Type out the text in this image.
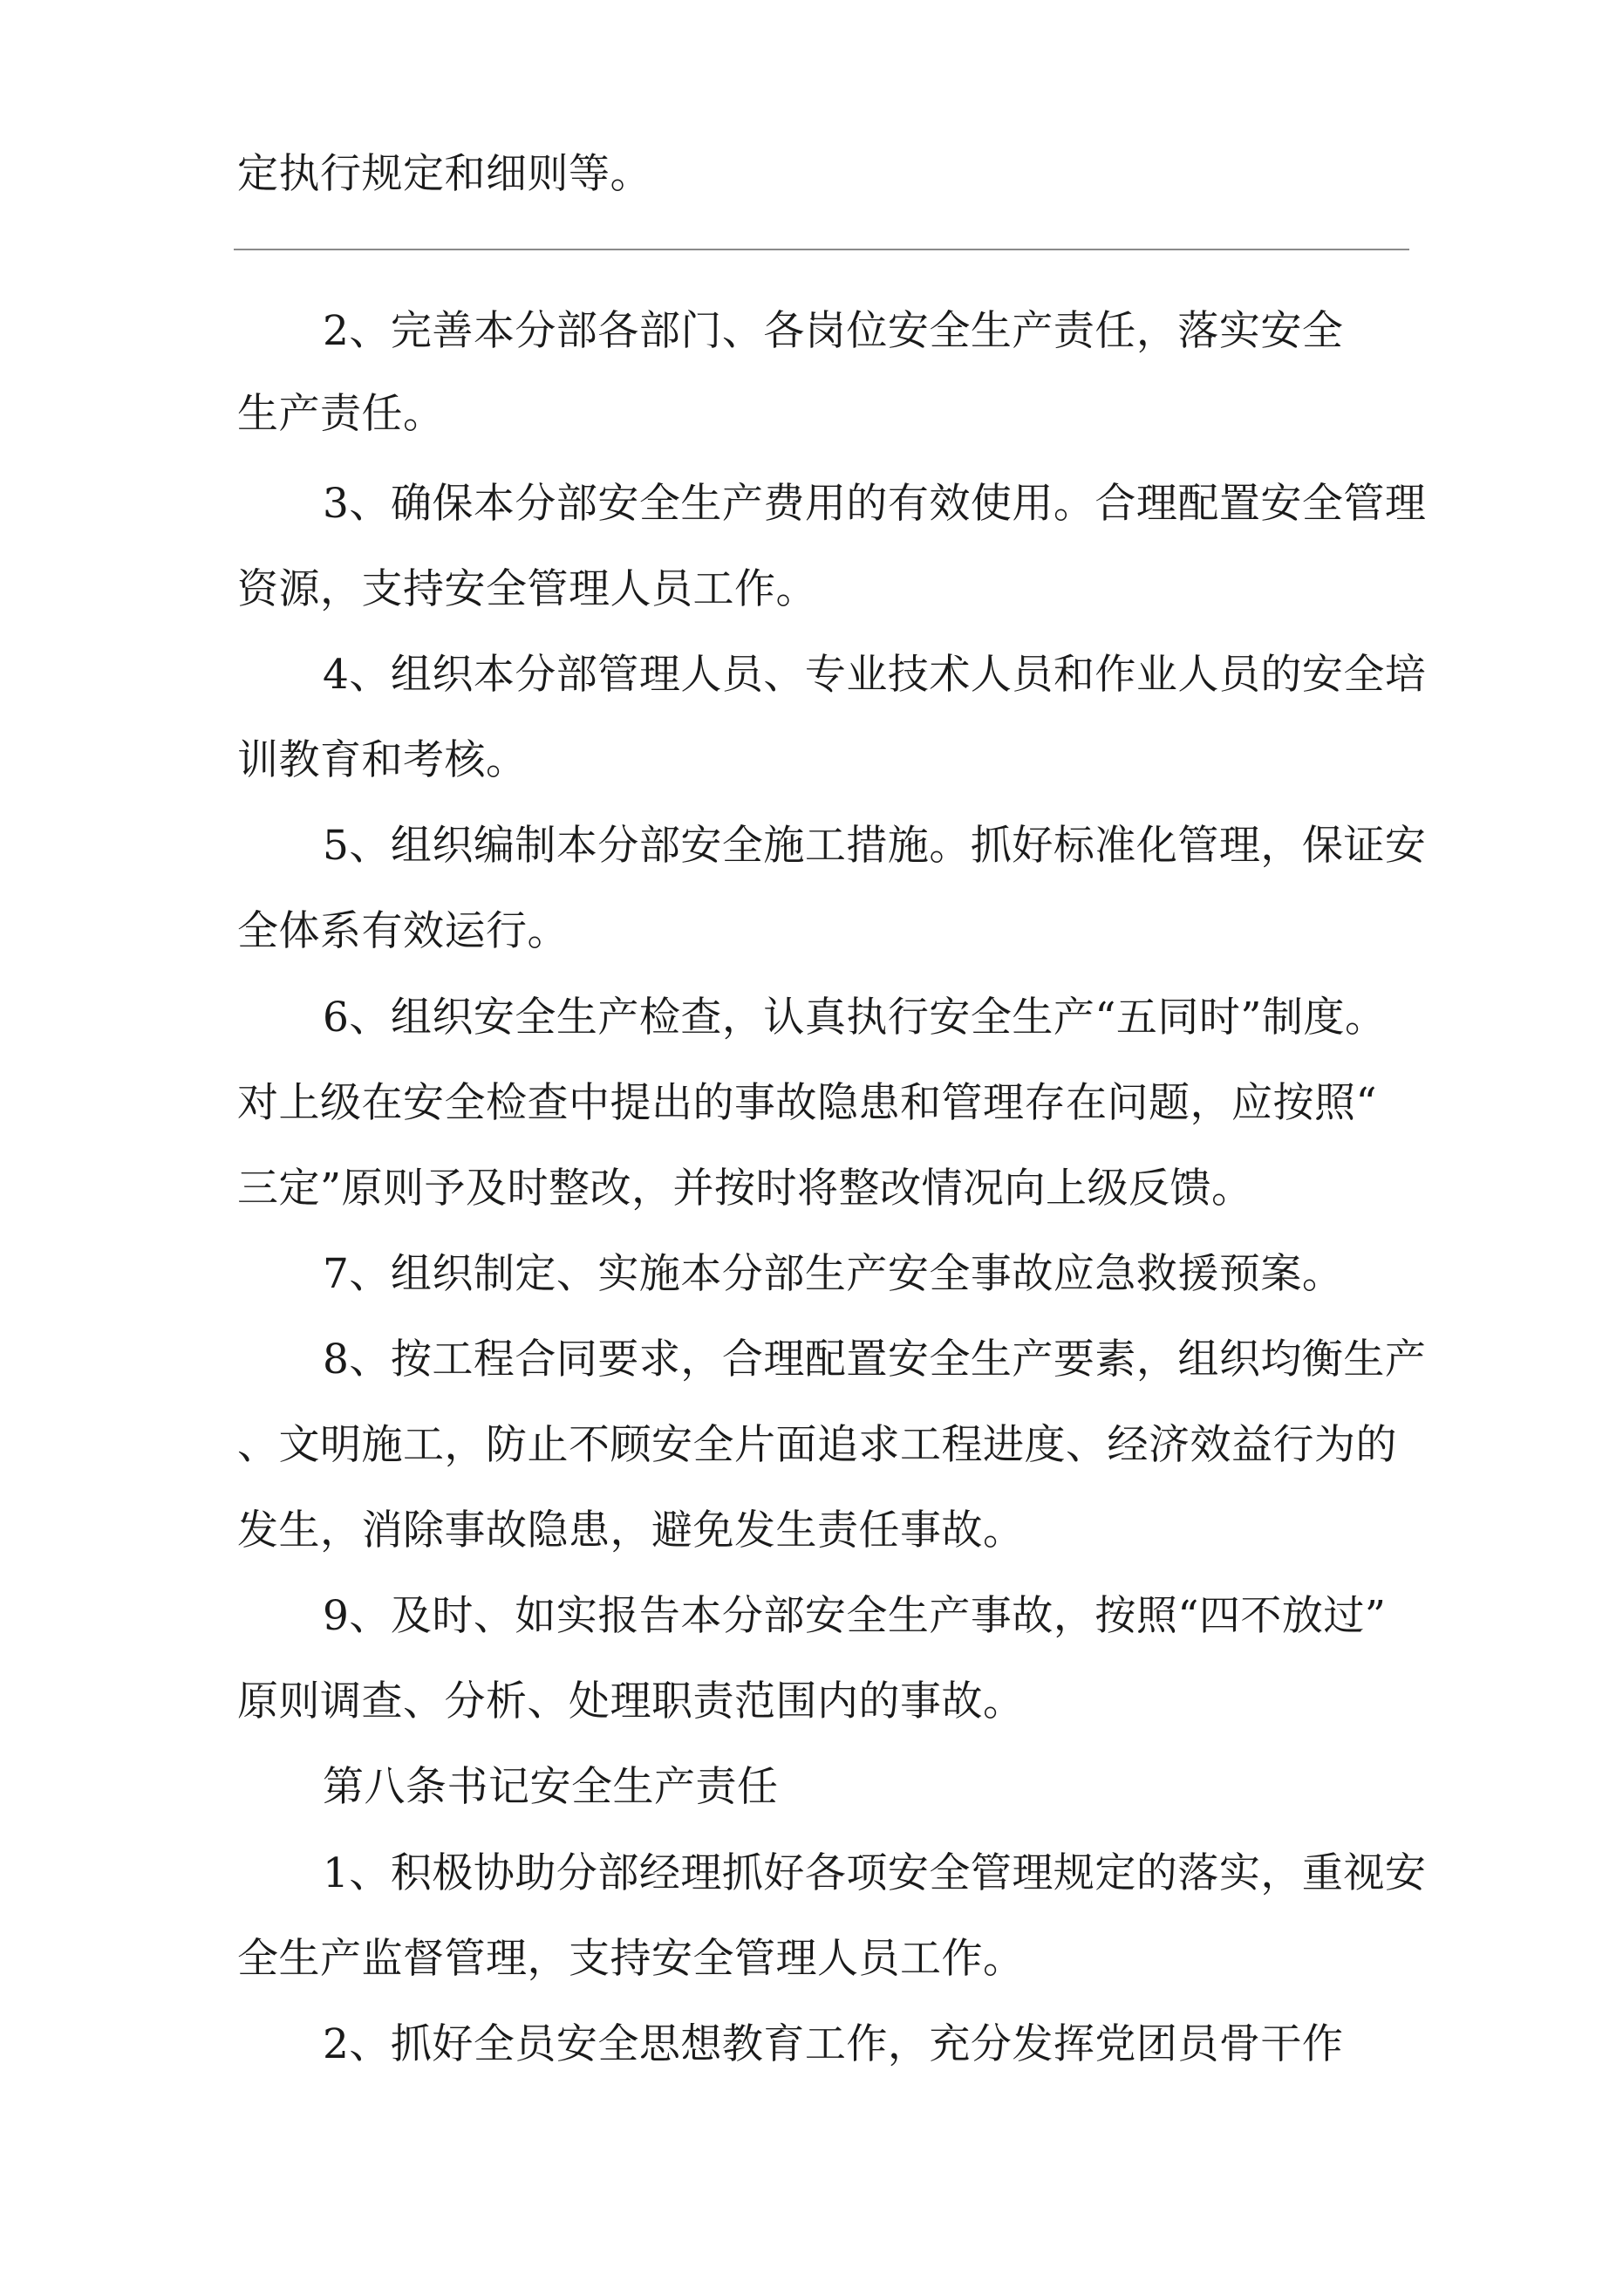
定执行规定和细则等。
2、完善本分部各部门、各岗位安全生产责任，落实安全
生产责任。
3、确保本分部安全生产费用的有效使用。合理配置安全管理
资源，支持安全管理人员工作。
4、组织本分部管理人员、专业技术人员和作业人员的安全培
训教育和考核。
5、组织编制本分部安全施工措施。抓好标准化管理，保证安
全体系有效运行。
6、组织安全生产检查，认真执行安全生产“五同时”制度。
对上级在安全检查中提出的事故隐患和管理存在问题，应按照“
三定”原则予及时整改，并按时将整改情况向上级反馈。
7、组织制定、实施本分部生产安全事故应急救援预案。
8、按工程合同要求，合理配置安全生产要素，组织均衡生产
、文明施工，防止不顾安全片面追求工程进度、经济效益行为的
发生，消除事故隐患，避免发生责任事故。
9、及时、如实报告本分部安全生产事故，按照“四不放过”
原则调查、分析、处理职责范围内的事故。
第八条书记安全生产责任
1、积极协助分部经理抓好各项安全管理规定的落实，重视安
全生产监督管理，支持安全管理人员工作。
2、抓好全员安全思想教育工作，充分发挥党团员骨干作
